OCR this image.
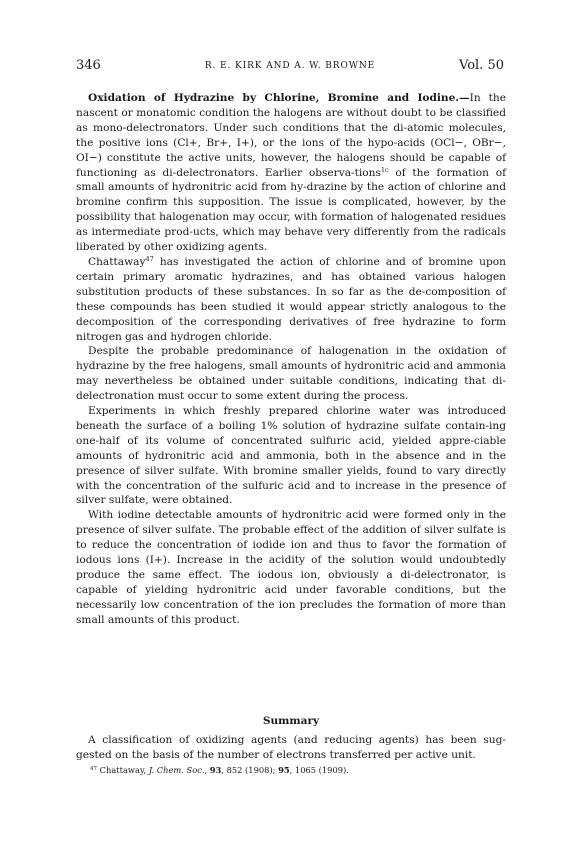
346	R. E. KIRK AND A. W. BROWNE	Vol. 50

Oxidation of Hydrazine by Chlorine, Bromine and Iodine.—In the nascent or monatomic condition the halogens are without doubt to be classified as mono-delectronators. Under such conditions that the di-atomic molecules, the positive ions (Cl+, Br+, I+), or the ions of the hypo-acids (OCl−, OBr−, OI−) constitute the active units, however, the halogens should be capable of functioning as di-delectronators. Earlier observa-tions$^{1c}$ of the formation of small amounts of hydronitric acid from hy-drazine by the action of chlorine and bromine confirm this supposition. The issue is complicated, however, by the possibility that halogenation may occur, with formation of halogenated residues as intermediate prod-ucts, which may behave very differently from the radicals liberated by other oxidizing agents.

Chattaway$^{47}$ has investigated the action of chlorine and of bromine upon certain primary aromatic hydrazines, and has obtained various halogen substitution products of these substances. In so far as the de-composition of these compounds has been studied it would appear strictly analogous to the decomposition of the corresponding derivatives of free hydrazine to form nitrogen gas and hydrogen chloride.

Despite the probable predominance of halogenation in the oxidation of hydrazine by the free halogens, small amounts of hydronitric acid and ammonia may nevertheless be obtained under suitable conditions, indicating that di-delectronation must occur to some extent during the process.

Experiments in which freshly prepared chlorine water was introduced beneath the surface of a boiling 1% solution of hydrazine sulfate contain-ing one-half of its volume of concentrated sulfuric acid, yielded appre-ciable amounts of hydronitric acid and ammonia, both in the absence and in the presence of silver sulfate. With bromine smaller yields, found to vary directly with the concentration of the sulfuric acid and to increase in the presence of silver sulfate, were obtained.

With iodine detectable amounts of hydronitric acid were formed only in the presence of silver sulfate. The probable effect of the addition of silver sulfate is to reduce the concentration of iodide ion and thus to favor the formation of iodous ions (I+). Increase in the acidity of the solution would undoubtedly produce the same effect. The iodous ion, obviously a di-delectronator, is capable of yielding hydronitric acid under favorable conditions, but the necessarily low concentration of the ion precludes the formation of more than small amounts of this product.

Summary

A classification of oxidizing agents (and reducing agents) has been sug-gested on the basis of the number of electrons transferred per active unit.

$^{47}$ Chattaway, J. Chem. Soc., 93, 852 (1908); 95, 1065 (1909).
